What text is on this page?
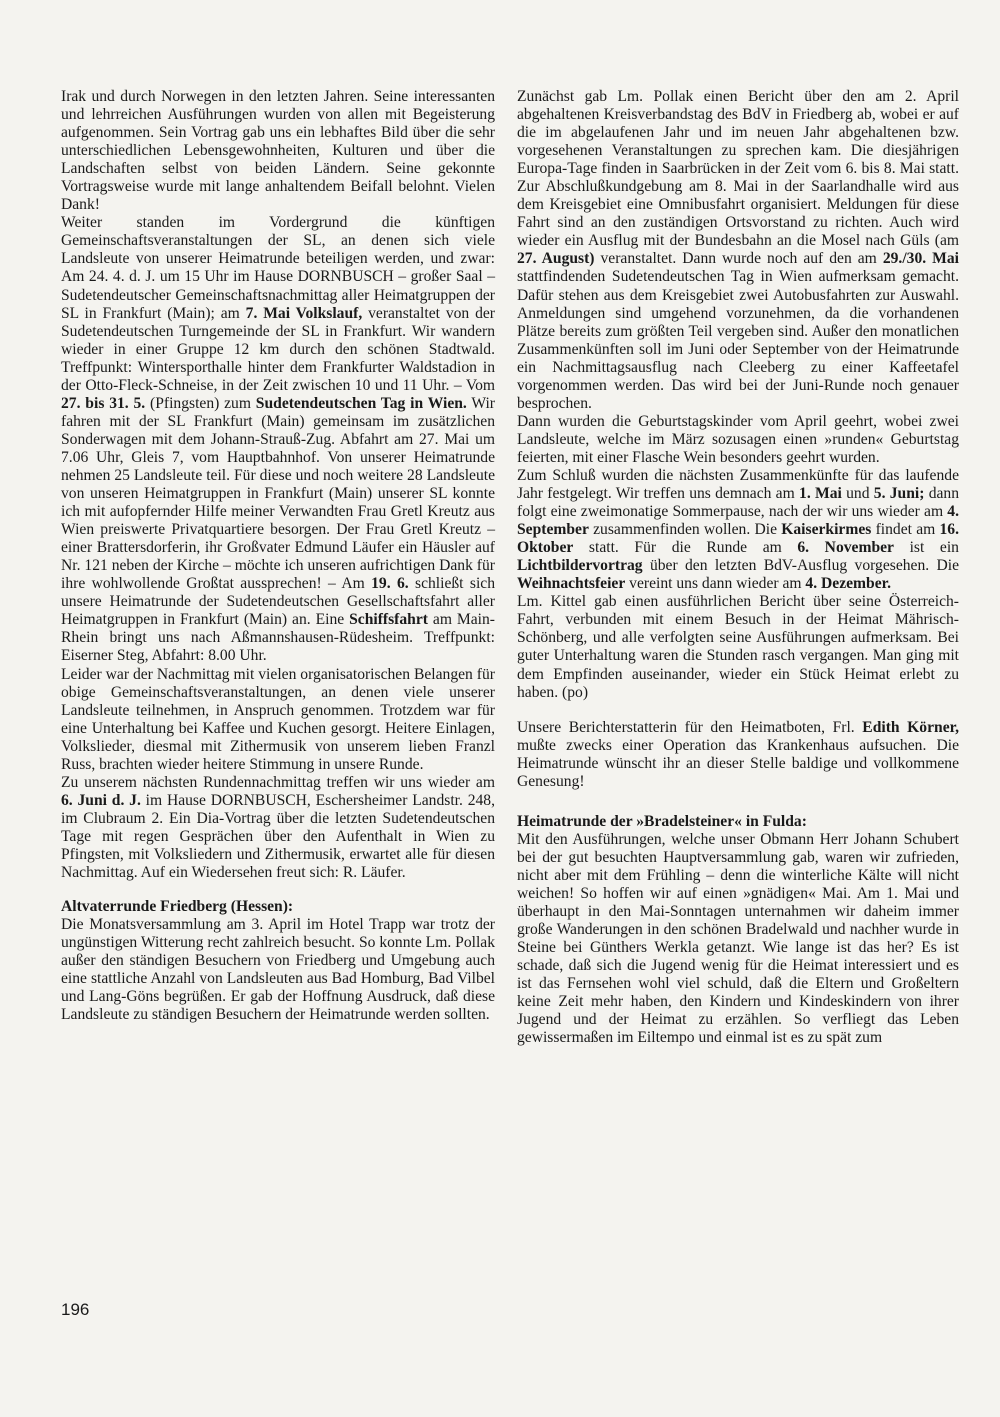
Irak und durch Norwegen in den letzten Jahren. Seine interessanten und lehrreichen Ausführungen wurden von allen mit Begeisterung aufgenommen. Sein Vortrag gab uns ein lebhaftes Bild über die sehr unterschiedlichen Lebensgewohnheiten, Kulturen und über die Landschaften selbst von beiden Ländern. Seine gekonnte Vortragsweise wurde mit lange anhaltendem Beifall belohnt. Vielen Dank!

Weiter standen im Vordergrund die künftigen Gemeinschaftsveranstaltungen der SL, an denen sich viele Landsleute von unserer Heimatrunde beteiligen werden, und zwar: Am 24. 4. d. J. um 15 Uhr im Hause DORNBUSCH – großer Saal – Sudetendeutscher Gemeinschaftsnachmittag aller Heimatgruppen der SL in Frankfurt (Main); am 7. Mai Volkslauf, veranstaltet von der Sudetendeutschen Turngemeinde der SL in Frankfurt. Wir wandern wieder in einer Gruppe 12 km durch den schönen Stadtwald. Treffpunkt: Wintersporthalle hinter dem Frankfurter Waldstadion in der Otto-Fleck-Schneise, in der Zeit zwischen 10 und 11 Uhr. – Vom 27. bis 31. 5. (Pfingsten) zum Sudetendeutschen Tag in Wien. Wir fahren mit der SL Frankfurt (Main) gemeinsam im zusätzlichen Sonderwagen mit dem Johann-Strauß-Zug. Abfahrt am 27. Mai um 7.06 Uhr, Gleis 7, vom Hauptbahnhof. Von unserer Heimatrunde nehmen 25 Landsleute teil. Für diese und noch weitere 28 Landsleute von unseren Heimatgruppen in Frankfurt (Main) unserer SL konnte ich mit aufopfernder Hilfe meiner Verwandten Frau Gretl Kreutz aus Wien preiswerte Privatquartiere besorgen. Der Frau Gretl Kreutz – einer Brattersdorferin, ihr Großvater Edmund Läufer ein Häusler auf Nr. 121 neben der Kirche – möchte ich unseren aufrichtigen Dank für ihre wohlwollende Großtat aussprechen! – Am 19. 6. schließt sich unsere Heimatrunde der Sudetendeutschen Gesellschaftsfahrt aller Heimatgruppen in Frankfurt (Main) an. Eine Schiffsfahrt am Main-Rhein bringt uns nach Aßmannshausen-Rüdesheim. Treffpunkt: Eiserner Steg, Abfahrt: 8.00 Uhr.

Leider war der Nachmittag mit vielen organisatorischen Belangen für obige Gemeinschaftsveranstaltungen, an denen viele unserer Landsleute teilnehmen, in Anspruch genommen. Trotzdem war für eine Unterhaltung bei Kaffee und Kuchen gesorgt. Heitere Einlagen, Volkslieder, diesmal mit Zithermusik von unserem lieben Franzl Russ, brachten wieder heitere Stimmung in unsere Runde.

Zu unserem nächsten Rundennachmittag treffen wir uns wieder am 6. Juni d. J. im Hause DORNBUSCH, Eschersheimer Landstr. 248, im Clubraum 2. Ein Dia-Vortrag über die letzten Sudetendeutschen Tage mit regen Gesprächen über den Aufenthalt in Wien zu Pfingsten, mit Volksliedern und Zithermusik, erwartet alle für diesen Nachmittag. Auf ein Wiedersehen freut sich: R. Läufer.

Altvaterrunde Friedberg (Hessen):

Die Monatsversammlung am 3. April im Hotel Trapp war trotz der ungünstigen Witterung recht zahlreich besucht. So konnte Lm. Pollak außer den ständigen Besuchern von Friedberg und Umgebung auch eine stattliche Anzahl von Landsleuten aus Bad Homburg, Bad Vilbel und Lang-Göns begrüßen. Er gab der Hoffnung Ausdruck, daß diese Landsleute zu ständigen Besuchern der Heimatrunde werden sollten.

Zunächst gab Lm. Pollak einen Bericht über den am 2. April abgehaltenen Kreisverbandstag des BdV in Friedberg ab, wobei er auf die im abgelaufenen Jahr und im neuen Jahr abgehaltenen bzw. vorgesehenen Veranstaltungen zu sprechen kam. Die diesjährigen Europa-Tage finden in Saarbrücken in der Zeit vom 6. bis 8. Mai statt. Zur Abschlußkundgebung am 8. Mai in der Saarlandhalle wird aus dem Kreisgebiet eine Omnibusfahrt organisiert. Meldungen für diese Fahrt sind an den zuständigen Ortsvorstand zu richten. Auch wird wieder ein Ausflug mit der Bundesbahn an die Mosel nach Güls (am 27. August) veranstaltet. Dann wurde noch auf den am 29./30. Mai stattfindenden Sudetendeutschen Tag in Wien aufmerksam gemacht. Dafür stehen aus dem Kreisgebiet zwei Autobusfahrten zur Auswahl. Anmeldungen sind umgehend vorzunehmen, da die vorhandenen Plätze bereits zum größten Teil vergeben sind. Außer den monatlichen Zusammenkünften soll im Juni oder September von der Heimatrunde ein Nachmittagsausflug nach Cleeberg zu einer Kaffeetafel vorgenommen werden. Das wird bei der Juni-Runde noch genauer besprochen.

Dann wurden die Geburtstagskinder vom April geehrt, wobei zwei Landsleute, welche im März sozusagen einen »runden« Geburtstag feierten, mit einer Flasche Wein besonders geehrt wurden.

Zum Schluß wurden die nächsten Zusammenkünfte für das laufende Jahr festgelegt. Wir treffen uns demnach am 1. Mai und 5. Juni; dann folgt eine zweimonatige Sommerpause, nach der wir uns wieder am 4. September zusammenfinden wollen. Die Kaiserkirmes findet am 16. Oktober statt. Für die Runde am 6. November ist ein Lichtbildervortrag über den letzten BdV-Ausflug vorgesehen. Die Weihnachtsfeier vereint uns dann wieder am 4. Dezember.

Lm. Kittel gab einen ausführlichen Bericht über seine Österreich-Fahrt, verbunden mit einem Besuch in der Heimat Mährisch-Schönberg, und alle verfolgten seine Ausführungen aufmerksam. Bei guter Unterhaltung waren die Stunden rasch vergangen. Man ging mit dem Empfinden auseinander, wieder ein Stück Heimat erlebt zu haben. (po)

Unsere Berichterstatterin für den Heimatboten, Frl. Edith Körner, mußte zwecks einer Operation das Krankenhaus aufsuchen. Die Heimatrunde wünscht ihr an dieser Stelle baldige und vollkommene Genesung!

Heimatrunde der »Bradelsteiner« in Fulda:

Mit den Ausführungen, welche unser Obmann Herr Johann Schubert bei der gut besuchten Hauptversammlung gab, waren wir zufrieden, nicht aber mit dem Frühling – denn die winterliche Kälte will nicht weichen! So hoffen wir auf einen »gnädigen« Mai. Am 1. Mai und überhaupt in den Mai-Sonntagen unternahmen wir daheim immer große Wanderungen in den schönen Bradelwald und nachher wurde in Steine bei Günthers Werkla getanzt. Wie lange ist das her? Es ist schade, daß sich die Jugend wenig für die Heimat interessiert und es ist das Fernsehen wohl viel schuld, daß die Eltern und Großeltern keine Zeit mehr haben, den Kindern und Kindeskindern von ihrer Jugend und der Heimat zu erzählen. So verfliegt das Leben gewissermaßen im Eiltempo und einmal ist es zu spät zum

196
